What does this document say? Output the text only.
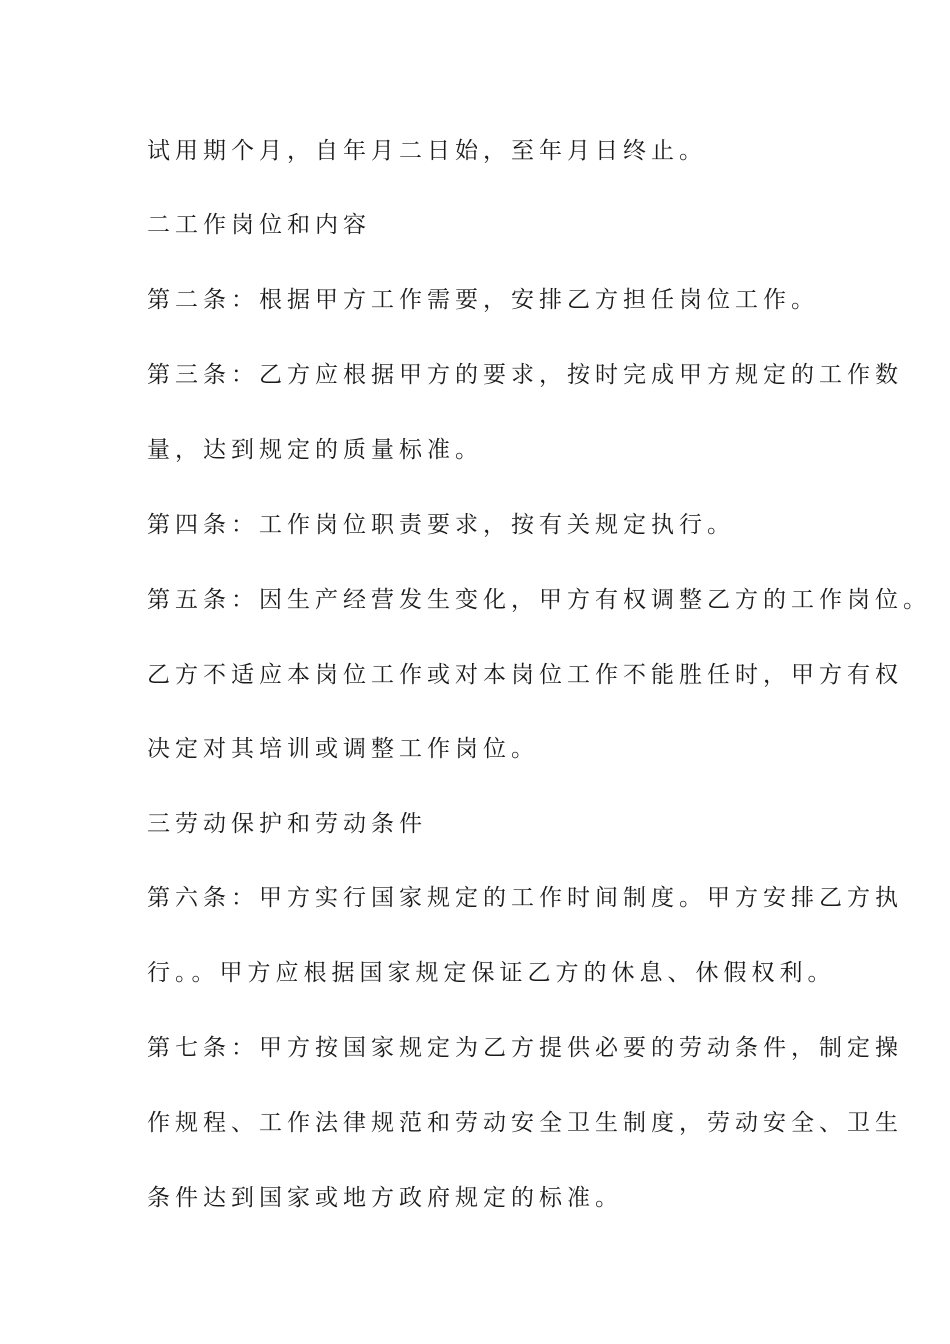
试用期个月，自年月二日始，至年月日终止。
二工作岗位和内容
第二条：根据甲方工作需要，安排乙方担任岗位工作。
第三条：乙方应根据甲方的要求，按时完成甲方规定的工作数
量，达到规定的质量标准。
第四条：工作岗位职责要求，按有关规定执行。
第五条：因生产经营发生变化，甲方有权调整乙方的工作岗位。
乙方不适应本岗位工作或对本岗位工作不能胜任时，甲方有权
决定对其培训或调整工作岗位。
三劳动保护和劳动条件
第六条：甲方实行国家规定的工作时间制度。甲方安排乙方执
行。。甲方应根据国家规定保证乙方的休息、休假权利。
第七条：甲方按国家规定为乙方提供必要的劳动条件，制定操
作规程、工作法律规范和劳动安全卫生制度，劳动安全、卫生
条件达到国家或地方政府规定的标准。
